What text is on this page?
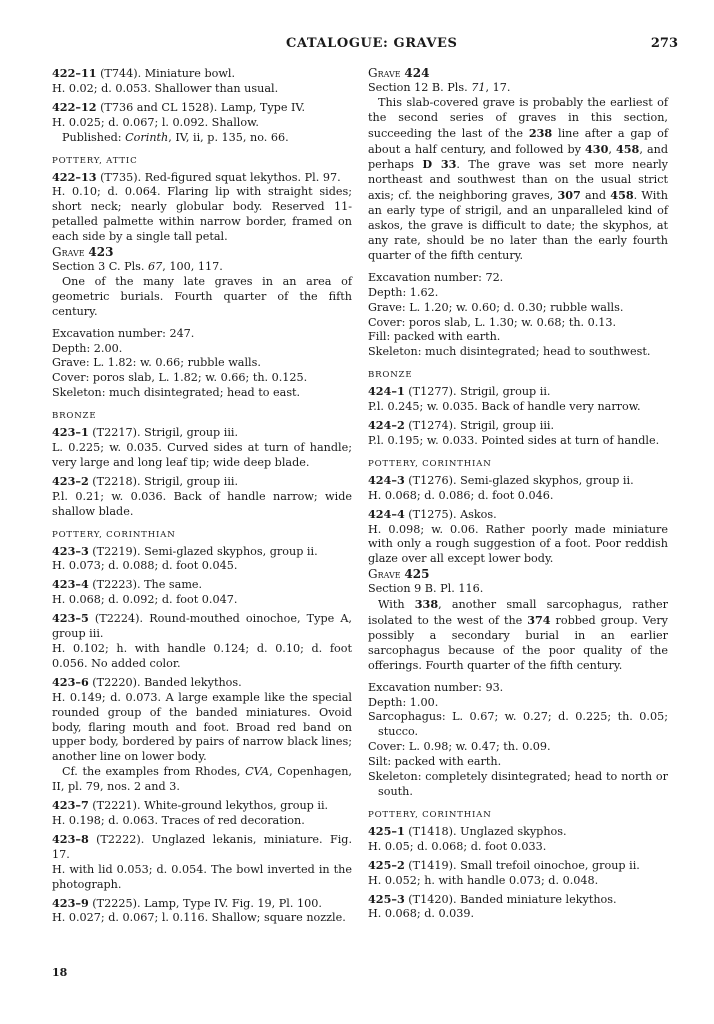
CATALOGUE: GRAVES	273

422–11 (T744). Miniature bowl.

H. 0.02; d. 0.053. Shallower than usual.

422–12 (T736 and CL 1528). Lamp, Type IV.

H. 0.025; d. 0.067; l. 0.092. Shallow.

Published: Corinth, IV, ii, p. 135, no. 66.

POTTERY, ATTIC

422–13 (T735). Red-figured squat lekythos. Pl. 97.

H. 0.10; d. 0.064. Flaring lip with straight sides; short neck; nearly globular body. Reserved 11-petalled palmette within narrow border, framed on each side by a single tall petal.

Grave 423

Section 3 C. Pls. 67, 100, 117.

One of the many late graves in an area of geometric burials. Fourth quarter of the fifth century.

Excavation number: 247.

Depth: 2.00.

Grave: L. 1.82: w. 0.66; rubble walls.

Cover: poros slab, L. 1.82; w. 0.66; th. 0.125.

Skeleton: much disintegrated; head to east.

BRONZE

423–1 (T2217). Strigil, group iii.

L. 0.225; w. 0.035. Curved sides at turn of handle; very large and long leaf tip; wide deep blade.

423–2 (T2218). Strigil, group iii.

P.l. 0.21; w. 0.036. Back of handle narrow; wide shallow blade.

POTTERY, CORINTHIAN

423–3 (T2219). Semi-glazed skyphos, group ii.

H. 0.073; d. 0.088; d. foot 0.045.

423–4 (T2223). The same.

H. 0.068; d. 0.092; d. foot 0.047.

423–5 (T2224). Round-mouthed oinochoe, Type A, group iii.

H. 0.102; h. with handle 0.124; d. 0.10; d. foot 0.056. No added color.

423–6 (T2220). Banded lekythos.

H. 0.149; d. 0.073. A large example like the special rounded group of the banded miniatures. Ovoid body, flaring mouth and foot. Broad red band on upper body, bordered by pairs of narrow black lines; another line on lower body.

Cf. the examples from Rhodes, CVA, Copenhagen, II, pl. 79, nos. 2 and 3.

423–7 (T2221). White-ground lekythos, group ii.

H. 0.198; d. 0.063. Traces of red decoration.

423–8 (T2222). Unglazed lekanis, miniature. Fig. 17.

H. with lid 0.053; d. 0.054. The bowl inverted in the photograph.

423–9 (T2225). Lamp, Type IV. Fig. 19, Pl. 100.

H. 0.027; d. 0.067; l. 0.116. Shallow; square nozzle.

Grave 424

Section 12 B. Pls. 71, 17.

This slab-covered grave is probably the earliest of the second series of graves in this section, succeeding the last of the 238 line after a gap of about a half century, and followed by 430, 458, and perhaps D 33. The grave was set more nearly northeast and southwest than on the usual strict axis; cf. the neighboring graves, 307 and 458. With an early type of strigil, and an unparalleled kind of askos, the grave is difficult to date; the skyphos, at any rate, should be no later than the early fourth quarter of the fifth century.

Excavation number: 72.

Depth: 1.62.

Grave: L. 1.20; w. 0.60; d. 0.30; rubble walls.

Cover: poros slab, L. 1.30; w. 0.68; th. 0.13.

Fill: packed with earth.

Skeleton: much disintegrated; head to southwest.

BRONZE

424–1 (T1277). Strigil, group ii.

P.l. 0.245; w. 0.035. Back of handle very narrow.

424–2 (T1274). Strigil, group iii.

P.l. 0.195; w. 0.033. Pointed sides at turn of handle.

POTTERY, CORINTHIAN

424–3 (T1276). Semi-glazed skyphos, group ii.

H. 0.068; d. 0.086; d. foot 0.046.

424–4 (T1275). Askos.

H. 0.098; w. 0.06. Rather poorly made miniature with only a rough suggestion of a foot. Poor reddish glaze over all except lower body.

Grave 425

Section 9 B. Pl. 116.

With 338, another small sarcophagus, rather isolated to the west of the 374 robbed group. Very possibly a secondary burial in an earlier sarcophagus because of the poor quality of the offerings. Fourth quarter of the fifth century.

Excavation number: 93.

Depth: 1.00.

Sarcophagus: L. 0.67; w. 0.27; d. 0.225; th. 0.05; stucco.

Cover: L. 0.98; w. 0.47; th. 0.09.

Silt: packed with earth.

Skeleton: completely disintegrated; head to north or south.

POTTERY, CORINTHIAN

425–1 (T1418). Unglazed skyphos.

H. 0.05; d. 0.068; d. foot 0.033.

425–2 (T1419). Small trefoil oinochoe, group ii.

H. 0.052; h. with handle 0.073; d. 0.048.

425–3 (T1420). Banded miniature lekythos.

H. 0.068; d. 0.039.

18
